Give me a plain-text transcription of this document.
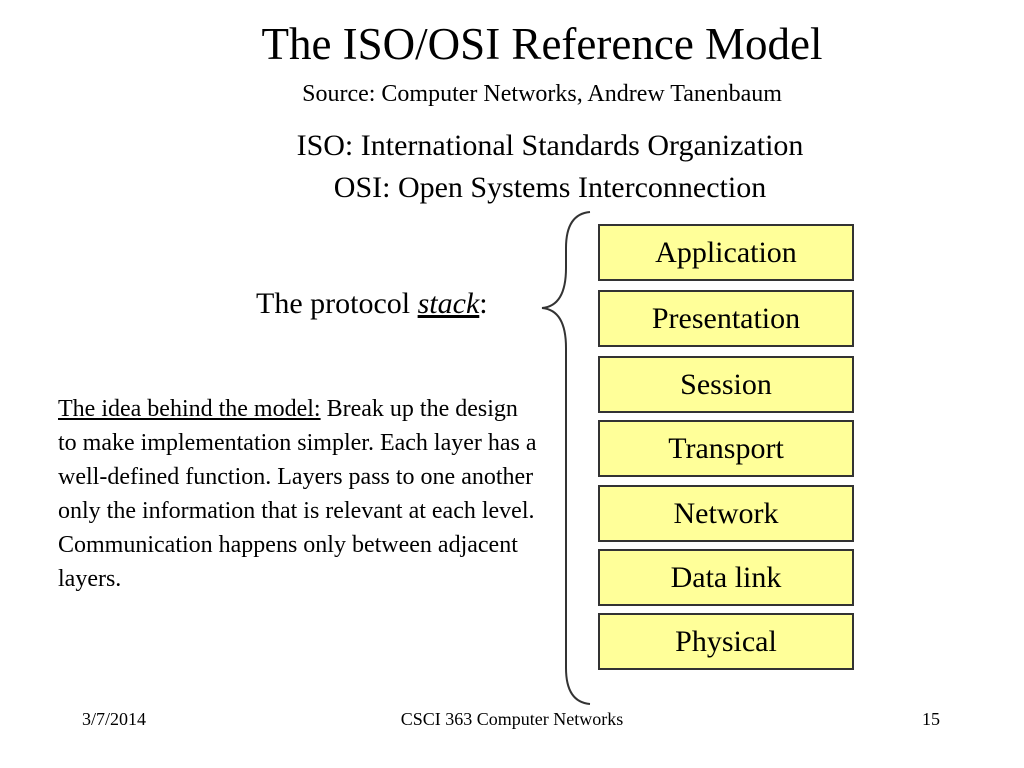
The ISO/OSI Reference Model
Source: Computer Networks, Andrew Tanenbaum
ISO: International Standards Organization
OSI: Open Systems Interconnection
The protocol stack:
The idea behind the model: Break up the design to make implementation simpler. Each layer has a well-defined function. Layers pass to one another only the information that is relevant at each level. Communication happens only between adjacent layers.
Application
Presentation
Session
Transport
Network
Data link
Physical
3/7/2014	CSCI 363 Computer Networks	15
